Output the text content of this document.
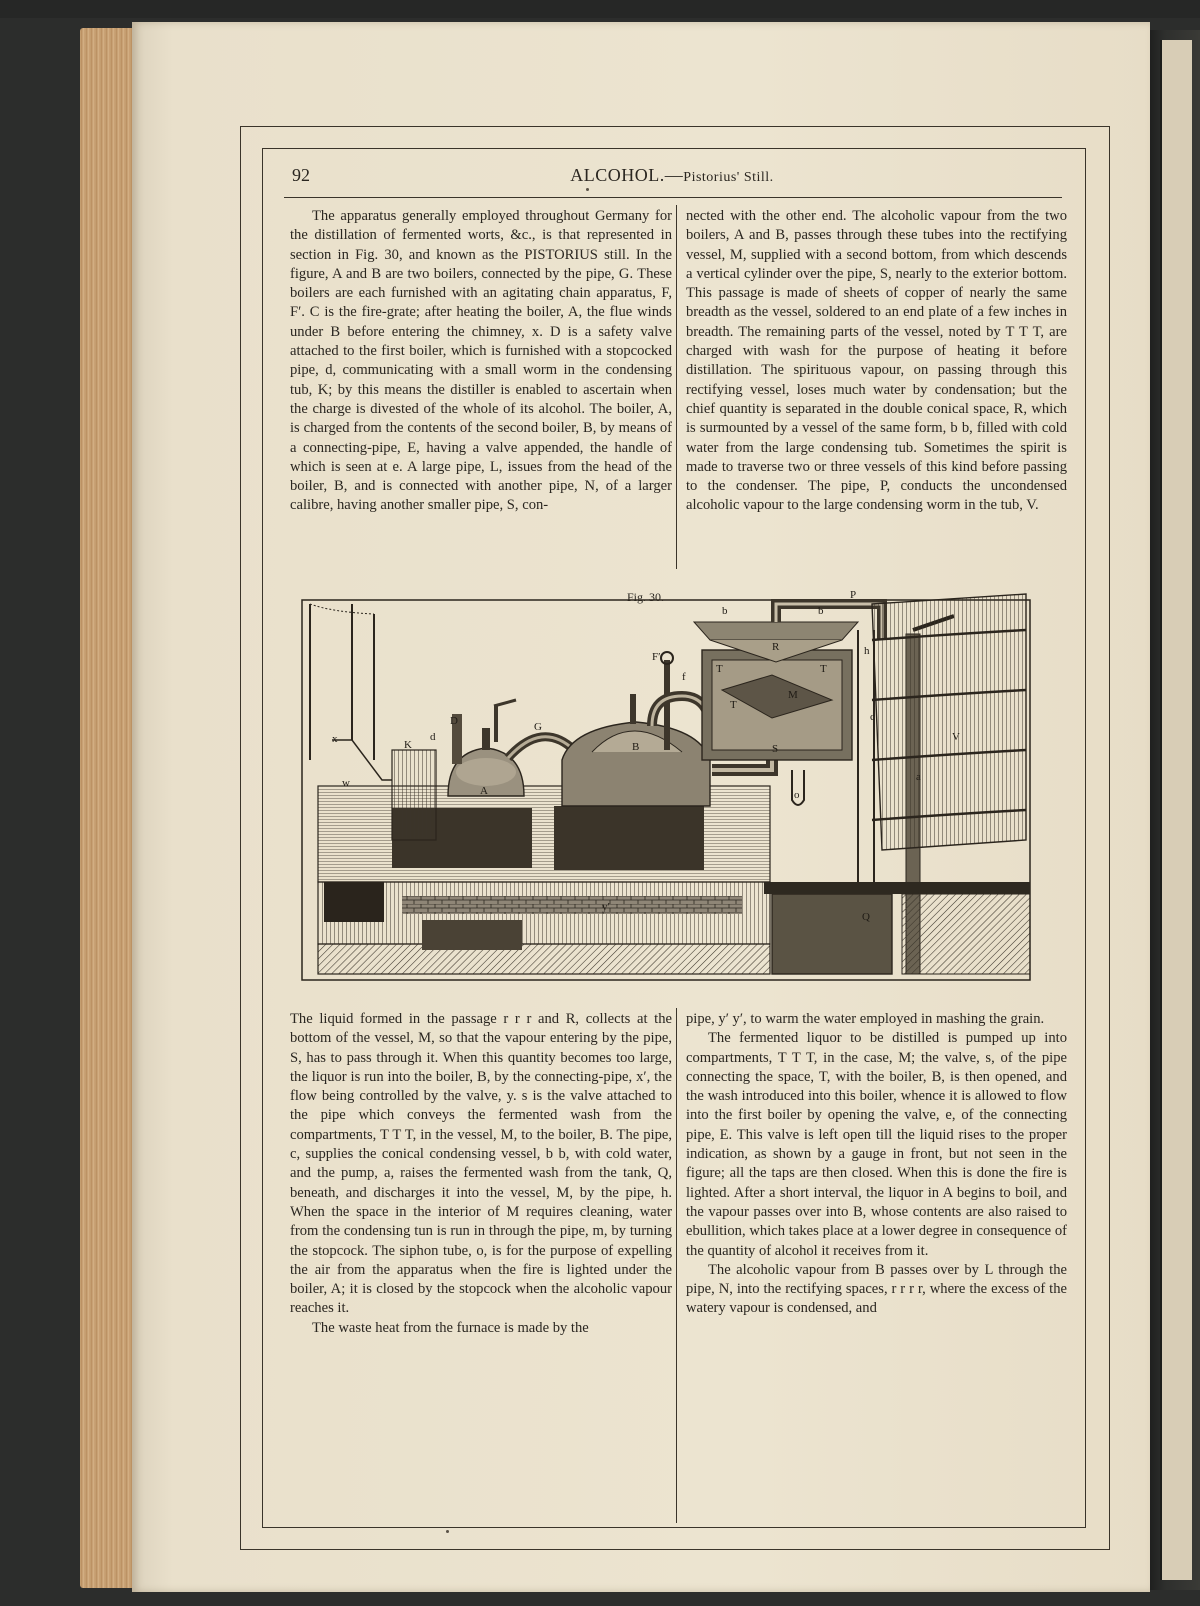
92	ALCOHOL.—Pistorius' Still.

The apparatus generally employed throughout Germany for the distillation of fermented worts, &c., is that represented in section in Fig. 30, and known as the PISTORIUS still. In the figure, A and B are two boilers, connected by the pipe, G. These boilers are each furnished with an agitating chain apparatus, F, F′. C is the fire-grate; after heating the boiler, A, the flue winds under B before entering the chimney, x. D is a safety valve attached to the first boiler, which is furnished with a stopcocked pipe, d, communicating with a small worm in the condensing tub, K; by this means the distiller is enabled to ascertain when the charge is divested of the whole of its alcohol. The boiler, A, is charged from the contents of the second boiler, B, by means of a connecting-pipe, E, having a valve appended, the handle of which is seen at e. A large pipe, L, issues from the head of the boiler, B, and is connected with another pipe, N, of a larger calibre, having another smaller pipe, S, con-

nected with the other end. The alcoholic vapour from the two boilers, A and B, passes through these tubes into the rectifying vessel, M, supplied with a second bottom, from which descends a vertical cylinder over the pipe, S, nearly to the exterior bottom. This passage is made of sheets of copper of nearly the same breadth as the vessel, soldered to an end plate of a few inches in breadth. The remaining parts of the vessel, noted by T T T, are charged with wash for the purpose of heating it before distillation. The spirituous vapour, on passing through this rectifying vessel, loses much water by condensation; but the chief quantity is separated in the double conical space, R, which is surmounted by a vessel of the same form, b b, filled with cold water from the large condensing tub. Sometimes the spirit is made to traverse two or three vessels of this kind before passing to the condenser. The pipe, P, conducts the uncondensed alcoholic vapour to the large condensing worm in the tub, V.

Fig. 30.
x
w
K
D
d
G
A
B
F′
f
b	b
P
R
T	T
T
M
S
c
V
a
o
Q
h
y′

The liquid formed in the passage r r r and R, collects at the bottom of the vessel, M, so that the vapour entering by the pipe, S, has to pass through it. When this quantity becomes too large, the liquor is run into the boiler, B, by the connecting-pipe, x′, the flow being controlled by the valve, y. s is the valve attached to the pipe which conveys the fermented wash from the compartments, T T T, in the vessel, M, to the boiler, B. The pipe, c, supplies the conical condensing vessel, b b, with cold water, and the pump, a, raises the fermented wash from the tank, Q, beneath, and discharges it into the vessel, M, by the pipe, h. When the space in the interior of M requires cleaning, water from the condensing tun is run in through the pipe, m, by turning the stopcock. The siphon tube, o, is for the purpose of expelling the air from the apparatus when the fire is lighted under the boiler, A; it is closed by the stopcock when the alcoholic vapour reaches it.

The waste heat from the furnace is made by the

pipe, y′ y′, to warm the water employed in mashing the grain.

The fermented liquor to be distilled is pumped up into compartments, T T T, in the case, M; the valve, s, of the pipe connecting the space, T, with the boiler, B, is then opened, and the wash introduced into this boiler, whence it is allowed to flow into the first boiler by opening the valve, e, of the connecting pipe, E. This valve is left open till the liquid rises to the proper indication, as shown by a gauge in front, but not seen in the figure; all the taps are then closed. When this is done the fire is lighted. After a short interval, the liquor in A begins to boil, and the vapour passes over into B, whose contents are also raised to ebullition, which takes place at a lower degree in consequence of the quantity of alcohol it receives from it.

The alcoholic vapour from B passes over by L through the pipe, N, into the rectifying spaces, r r r r, where the excess of the watery vapour is condensed, and
